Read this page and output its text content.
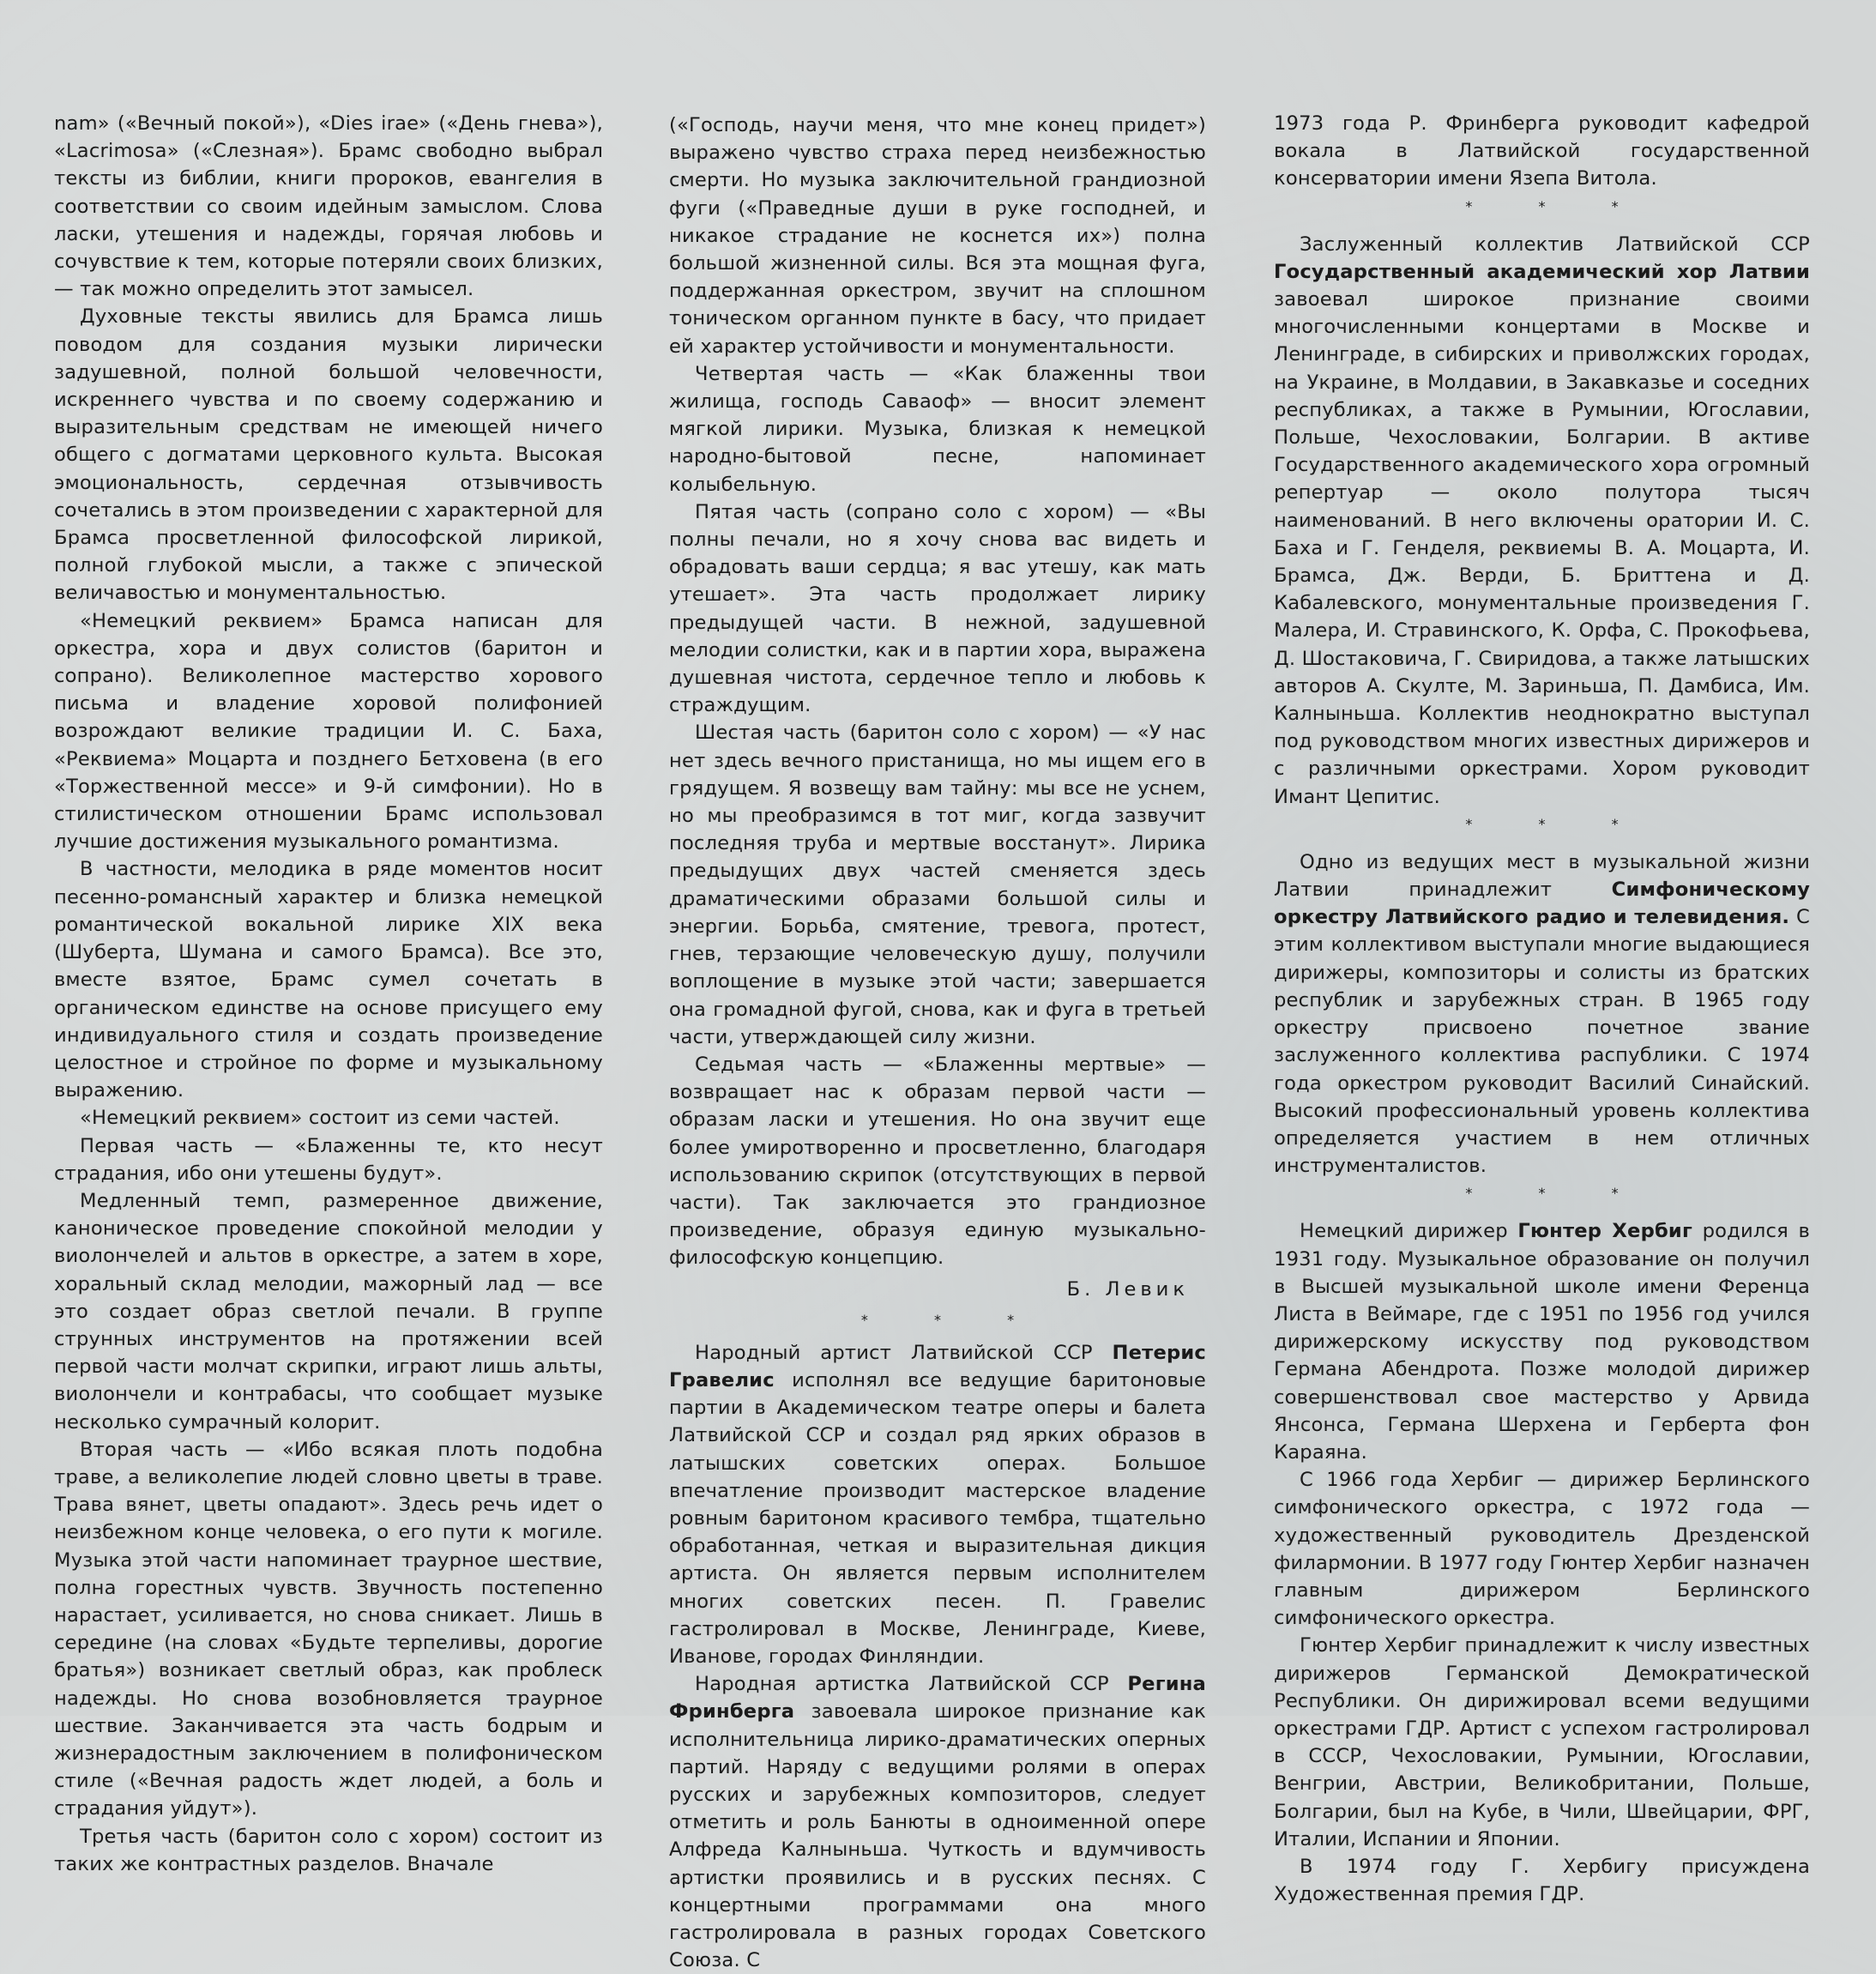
nam» («Вечный покой»), «Dies irae» («День гнева»), «Lacrimosa» («Слезная»). Брамс свободно выбрал тексты из библии, книги пророков, евангелия в соответствии со своим идейным замыслом. Слова ласки, утешения и надежды, горячая любовь и сочувствие к тем, которые потеряли своих близких, — так можно определить этот замысел.

Духовные тексты явились для Брамса лишь поводом для создания музыки лирически задушевной, полной большой человечности, искреннего чувства и по своему содержанию и выразительным средствам не имеющей ничего общего с догматами церковного культа. Высокая эмоциональность, сердечная отзывчивость сочетались в этом произведении с характерной для Брамса просветленной философской лирикой, полной глубокой мысли, а также с эпической величавостью и монументальностью.

«Немецкий реквием» Брамса написан для оркестра, хора и двух солистов (баритон и сопрано). Великолепное мастерство хорового письма и владение хоровой полифонией возрождают великие традиции И. С. Баха, «Реквиема» Моцарта и позднего Бетховена (в его «Торжественной мессе» и 9-й симфонии). Но в стилистическом отношении Брамс использовал лучшие достижения музыкального романтизма.

В частности, мелодика в ряде моментов носит песенно-романсный характер и близка немецкой романтической вокальной лирике XIX века (Шуберта, Шумана и самого Брамса). Все это, вместе взятое, Брамс сумел сочетать в органическом единстве на основе присущего ему индивидуального стиля и создать произведение целостное и стройное по форме и музыкальному выражению.

«Немецкий реквием» состоит из семи частей.

Первая часть — «Блаженны те, кто несут страдания, ибо они утешены будут».

Медленный темп, размеренное движение, каноническое проведение спокойной мелодии у виолончелей и альтов в оркестре, а затем в хоре, хоральный склад мелодии, мажорный лад — все это создает образ светлой печали. В группе струнных инструментов на протяжении всей первой части молчат скрипки, играют лишь альты, виолончели и контрабасы, что сообщает музыке несколько сумрачный колорит.

Вторая часть — «Ибо всякая плоть подобна траве, а великолепие людей словно цветы в траве. Трава вянет, цветы опадают». Здесь речь идет о неизбежном конце человека, о его пути к могиле. Музыка этой части напоминает траурное шествие, полна горестных чувств. Звучность постепенно нарастает, усиливается, но снова сникает. Лишь в середине (на словах «Будьте терпеливы, дорогие братья») возникает светлый образ, как проблеск надежды. Но снова возобновляется траурное шествие. Заканчивается эта часть бодрым и жизнерадостным заключением в полифоническом стиле («Вечная радость ждет людей, а боль и страдания уйдут»).

Третья часть (баритон соло с хором) состоит из таких же контрастных разделов. Вначале

(«Господь, научи меня, что мне конец придет») выражено чувство страха перед неизбежностью смерти. Но музыка заключительной грандиозной фуги («Праведные души в руке господней, и никакое страдание не коснется их») полна большой жизненной силы. Вся эта мощная фуга, поддержанная оркестром, звучит на сплошном тоническом органном пункте в басу, что придает ей характер устойчивости и монументальности.

Четвертая часть — «Как блаженны твои жилища, господь Саваоф» — вносит элемент мягкой лирики. Музыка, близкая к немецкой народно-бытовой песне, напоминает колыбельную.

Пятая часть (сопрано соло с хором) — «Вы полны печали, но я хочу снова вас видеть и обрадовать ваши сердца; я вас утешу, как мать утешает». Эта часть продолжает лирику предыдущей части. В нежной, задушевной мелодии солистки, как и в партии хора, выражена душевная чистота, сердечное тепло и любовь к страждущим.

Шестая часть (баритон соло с хором) — «У нас нет здесь вечного пристанища, но мы ищем его в грядущем. Я возвещу вам тайну: мы все не уснем, но мы преобразимся в тот миг, когда зазвучит последняя труба и мертвые восстанут». Лирика предыдущих двух частей сменяется здесь драматическими образами большой силы и энергии. Борьба, смятение, тревога, протест, гнев, терзающие человеческую душу, получили воплощение в музыке этой части; завершается она громадной фугой, снова, как и фуга в третьей части, утверждающей силу жизни.

Седьмая часть — «Блаженны мертвые» — возвращает нас к образам первой части — образам ласки и утешения. Но она звучит еще более умиротворенно и просветленно, благодаря использованию скрипок (отсутствующих в первой части). Так заключается это грандиозное произведение, образуя единую музыкально-философскую концепцию.

Б. Левик
* * *

Народный артист Латвийской ССР Петерис Гравелис исполнял все ведущие баритоновые партии в Академическом театре оперы и балета Латвийской ССР и создал ряд ярких образов в латышских советских операх. Большое впечатление производит мастерское владение ровным баритоном красивого тембра, тщательно обработанная, четкая и выразительная дикция артиста. Он является первым исполнителем многих советских песен. П. Гравелис гастролировал в Москве, Ленинграде, Киеве, Иванове, городах Финляндии.

Народная артистка Латвийской ССР Регина Фринберга завоевала широкое признание как исполнительница лирико-драматических оперных партий. Наряду с ведущими ролями в операх русских и зарубежных композиторов, следует отметить и роль Банюты в одноименной опере Алфреда Калныньша. Чуткость и вдумчивость артистки проявились и в русских песнях. С концертными программами она много гастролировала в разных городах Советского Союза. С

1973 года Р. Фринберга руководит кафедрой вокала в Латвийской государственной консерватории имени Язепа Витола.

* * *

Заслуженный коллектив Латвийской ССР Государственный академический хор Латвии завоевал широкое признание своими многочисленными концертами в Москве и Ленинграде, в сибирских и приволжских городах, на Украине, в Молдавии, в Закавказье и соседних республиках, а также в Румынии, Югославии, Польше, Чехословакии, Болгарии. В активе Государственного академического хора огромный репертуар — около полутора тысяч наименований. В него включены оратории И. С. Баха и Г. Генделя, реквиемы В. А. Моцарта, И. Брамса, Дж. Верди, Б. Бриттена и Д. Кабалевского, монументальные произведения Г. Малера, И. Стравинского, К. Орфа, С. Прокофьева, Д. Шостаковича, Г. Свиридова, а также латышских авторов А. Скулте, М. Зариньша, П. Дамбиса, Им. Калныньша. Коллектив неоднократно выступал под руководством многих известных дирижеров и с различными оркестрами. Хором руководит Имант Цепитис.

* * *

Одно из ведущих мест в музыкальной жизни Латвии принадлежит Симфоническому оркестру Латвийского радио и телевидения. С этим коллективом выступали многие выдающиеся дирижеры, композиторы и солисты из братских республик и зарубежных стран. В 1965 году оркестру присвоено почетное звание заслуженного коллектива распублики. С 1974 года оркестром руководит Василий Синайский. Высокий профессиональный уровень коллектива определяется участием в нем отличных инструменталистов.

* * *

Немецкий дирижер Гюнтер Хербиг родился в 1931 году. Музыкальное образование он получил в Высшей музыкальной школе имени Ференца Листа в Веймаре, где с 1951 по 1956 год учился дирижерскому искусству под руководством Германа Абендрота. Позже молодой дирижер совершенствовал свое мастерство у Арвида Янсонса, Германа Шерхена и Герберта фон Караяна.

С 1966 года Хербиг — дирижер Берлинского симфонического оркестра, с 1972 года — художественный руководитель Дрезденской филармонии. В 1977 году Гюнтер Хербиг назначен главным дирижером Берлинского симфонического оркестра.

Гюнтер Хербиг принадлежит к числу известных дирижеров Германской Демократической Республики. Он дирижировал всеми ведущими оркестрами ГДР. Артист с успехом гастролировал в СССР, Чехословакии, Румынии, Югославии, Венгрии, Австрии, Великобритании, Польше, Болгарии, был на Кубе, в Чили, Швейцарии, ФРГ, Италии, Испании и Японии.

В 1974 году Г. Хербигу присуждена Художественная премия ГДР.
